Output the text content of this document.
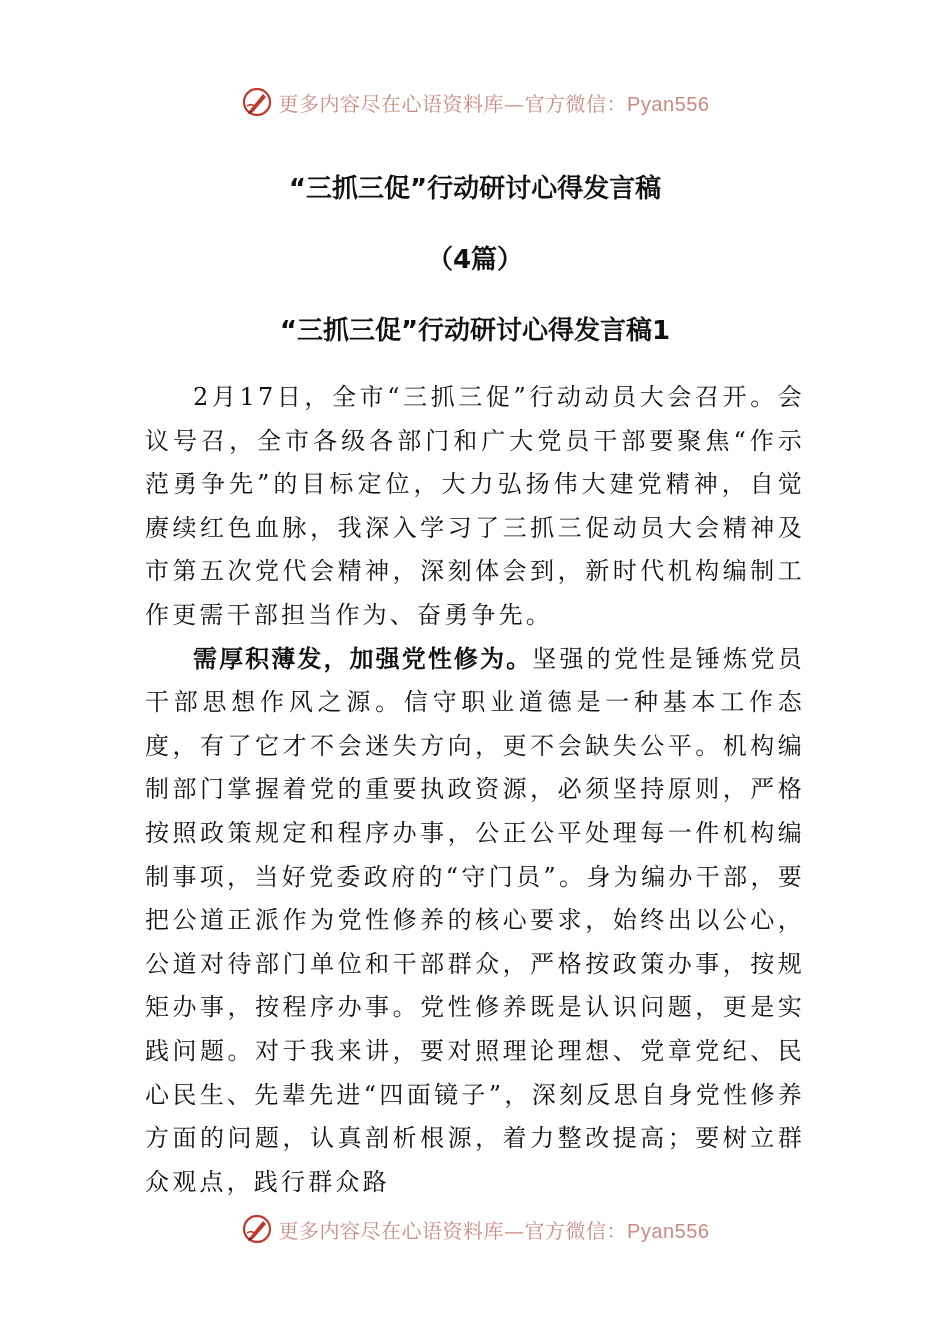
更多内容尽在心语资料库—官方微信：Pyan556
“三抓三促”行动研讨心得发言稿
（4篇）
“三抓三促”行动研讨心得发言稿1

2月17日，全市“三抓三促”行动动员大会召开。会议号召，全市各级各部门和广大党员干部要聚焦“作示范勇争先”的目标定位，大力弘扬伟大建党精神，自觉赓续红色血脉，我深入学习了三抓三促动员大会精神及市第五次党代会精神，深刻体会到，新时代机构编制工作更需干部担当作为、奋勇争先。

需厚积薄发，加强党性修为。坚强的党性是锤炼党员干部思想作风之源。信守职业道德是一种基本工作态度，有了它才不会迷失方向，更不会缺失公平。机构编制部门掌握着党的重要执政资源，必须坚持原则，严格按照政策规定和程序办事，公正公平处理每一件机构编制事项，当好党委政府的“守门员”。身为编办干部，要把公道正派作为党性修养的核心要求，始终出以公心，公道对待部门单位和干部群众，严格按政策办事，按规矩办事，按程序办事。党性修养既是认识问题，更是实践问题。对于我来讲，要对照理论理想、党章党纪、民心民生、先辈先进“四面镜子”，深刻反思自身党性修养方面的问题，认真剖析根源，着力整改提高；要树立群众观点，践行群众路

更多内容尽在心语资料库—官方微信：Pyan556
